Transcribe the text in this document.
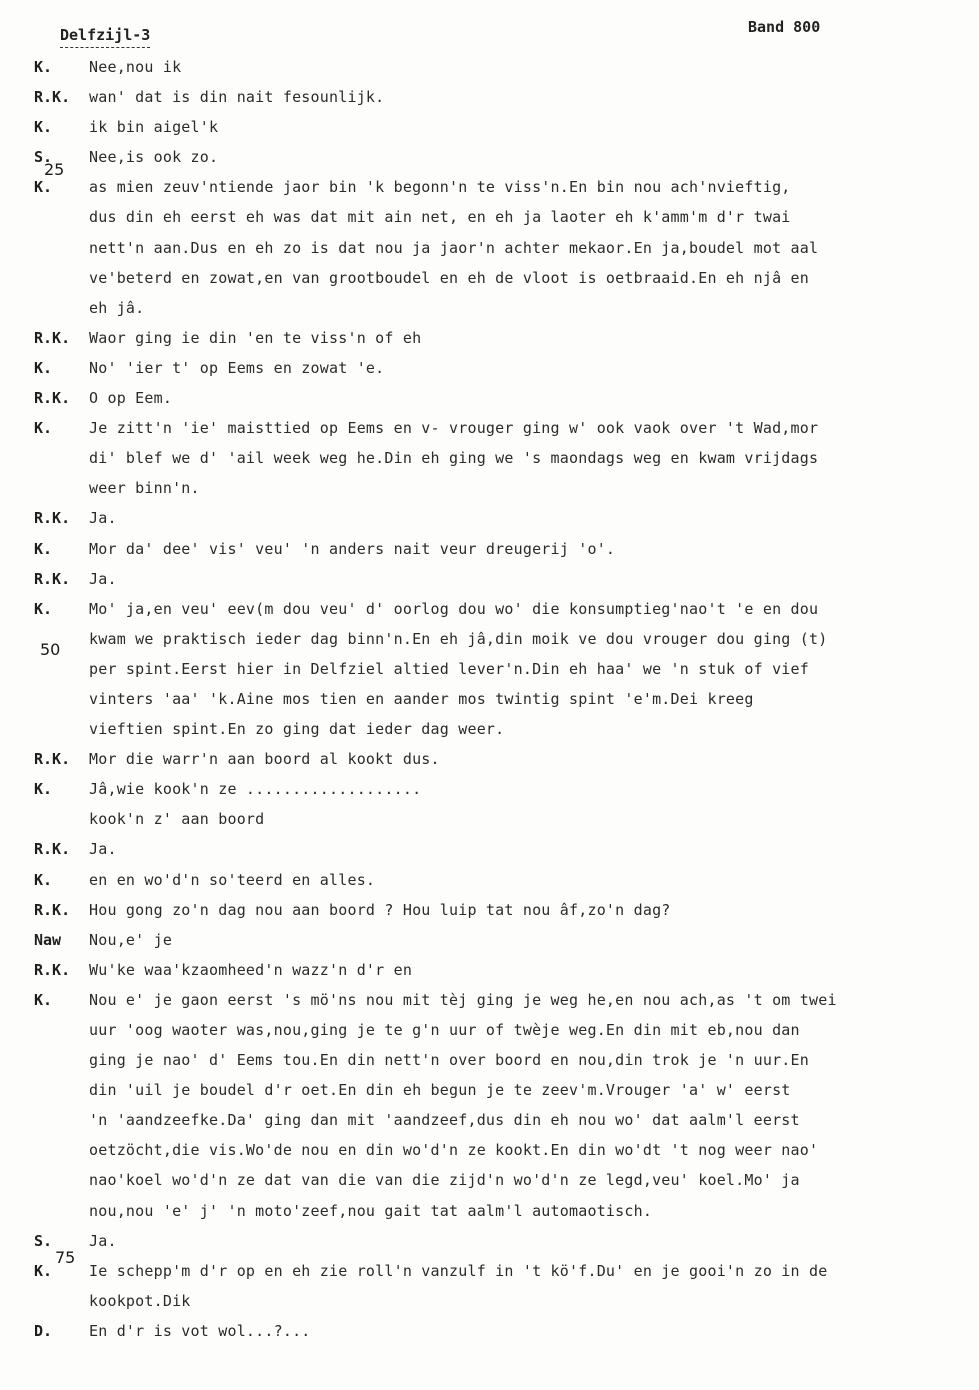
Delfzijl-3	Band 800
K. Nee,nou ik
R.K. wan' dat is din nait fesounlijk.
K. ik bin aigel'k
S. Nee,is ook zo.
K. as mien zeuv'ntiende jaor bin 'k begonn'n te viss'n.En bin nou ach'nvieftig,
dus din eh eerst eh was dat mit ain net, en eh ja laoter eh k'amm'm d'r twai
nett'n aan.Dus en eh zo is dat nou ja jaor'n achter mekaor.En ja,boudel mot aal
ve'beterd en zowat,en van grootboudel en eh de vloot is oetbraaid.En eh njâ en
eh jâ.
R.K. Waor ging ie din 'en te viss'n of eh
K. No' 'ier t' op Eems en zowat 'e.
R.K. O op Eem.
K. Je zitt'n 'ie' maisttied op Eems en v- vrouger ging w' ook vaok over 't Wad,mor
di' blef we d' 'ail week weg he.Din eh ging we 's maondags weg en kwam vrijdags
weer binn'n.
R.K. Ja.
K. Mor da' dee' vis' veu' 'n anders nait veur dreugerij 'o'.
R.K. Ja.
K. Mo' ja,en veu' eev(m dou veu' d' oorlog dou wo' die konsumptieg'nao't 'e en dou
kwam we praktisch ieder dag binn'n.En eh jâ,din moik ve dou vrouger dou ging (t)
per spint.Eerst hier in Delfziel altied lever'n.Din eh haa' we 'n stuk of vief
vinters 'aa' 'k.Aine mos tien en aander mos twintig spint 'e'm.Dei kreeg
vieftien spint.En zo ging dat ieder dag weer.
R.K. Mor die warr'n aan boord al kookt dus.
K. Jâ,wie kook'n ze ...................
kook'n z' aan boord
R.K. Ja.
K. en en wo'd'n so'teerd en alles.
R.K. Hou gong zo'n dag nou aan boord ? Hou luip tat nou âf,zo'n dag?
Naw Nou,e' je
R.K. Wu'ke waa'kzaomheed'n wazz'n d'r en
K. Nou e' je gaon eerst 's mö'ns nou mit tèj ging je weg he,en nou ach,as 't om twei
uur 'oog waoter was,nou,ging je te g'n uur of twèje weg.En din mit eb,nou dan
ging je nao' d' Eems tou.En din nett'n over boord en nou,din trok je 'n uur.En
din 'uil je boudel d'r oet.En din eh begun je te zeev'm.Vrouger 'a' w' eerst
'n 'aandzeefke.Da' ging dan mit 'aandzeef,dus din eh nou wo' dat aalm'l eerst
oetzöcht,die vis.Wo'de nou en din wo'd'n ze kookt.En din wo'dt 't nog weer nao'
nao'koel wo'd'n ze dat van die van die zijd'n wo'd'n ze legd,veu' koel.Mo' ja
nou,nou 'e' j' 'n moto'zeef,nou gait tat aalm'l automaotisch.
S. Ja.
K. Ie schepp'm d'r op en eh zie roll'n vanzulf in 't kö'f.Du' en je gooi'n zo in de
kookpot.Dik
D. En d'r is vot wol...?...
25
50
75
